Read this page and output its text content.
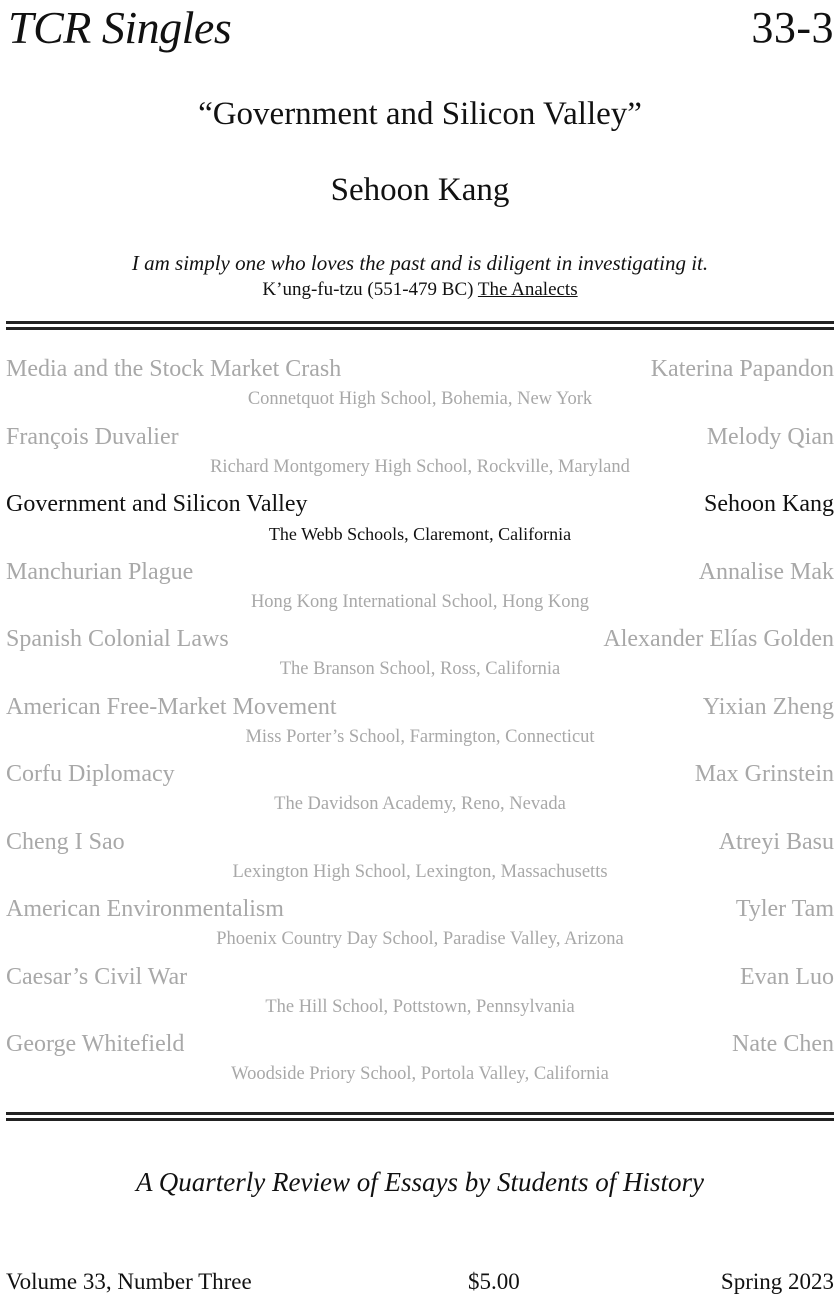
TCR Singles	33-3
“Government and Silicon Valley”
Sehoon Kang
I am simply one who loves the past and is diligent in investigating it.
K’ung-fu-tzu (551-479 BC) The Analects
Media and the Stock Market Crash	Katerina Papandon
Connetquot High School, Bohemia, New York
François Duvalier	Melody Qian
Richard Montgomery High School, Rockville, Maryland
Government and Silicon Valley	Sehoon Kang
The Webb Schools, Claremont, California
Manchurian Plague	Annalise Mak
Hong Kong International School, Hong Kong
Spanish Colonial Laws	Alexander Elías Golden
The Branson School, Ross, California
American Free-Market Movement	Yixian Zheng
Miss Porter’s School, Farmington, Connecticut
Corfu Diplomacy	Max Grinstein
The Davidson Academy, Reno, Nevada
Cheng I Sao	Atreyi Basu
Lexington High School, Lexington, Massachusetts
American Environmentalism	Tyler Tam
Phoenix Country Day School, Paradise Valley, Arizona
Caesar’s Civil War	Evan Luo
The Hill School, Pottstown, Pennsylvania
George Whitefield	Nate Chen
Woodside Priory School, Portola Valley, California
A Quarterly Review of Essays by Students of History
Volume 33, Number Three	$5.00	Spring 2023
